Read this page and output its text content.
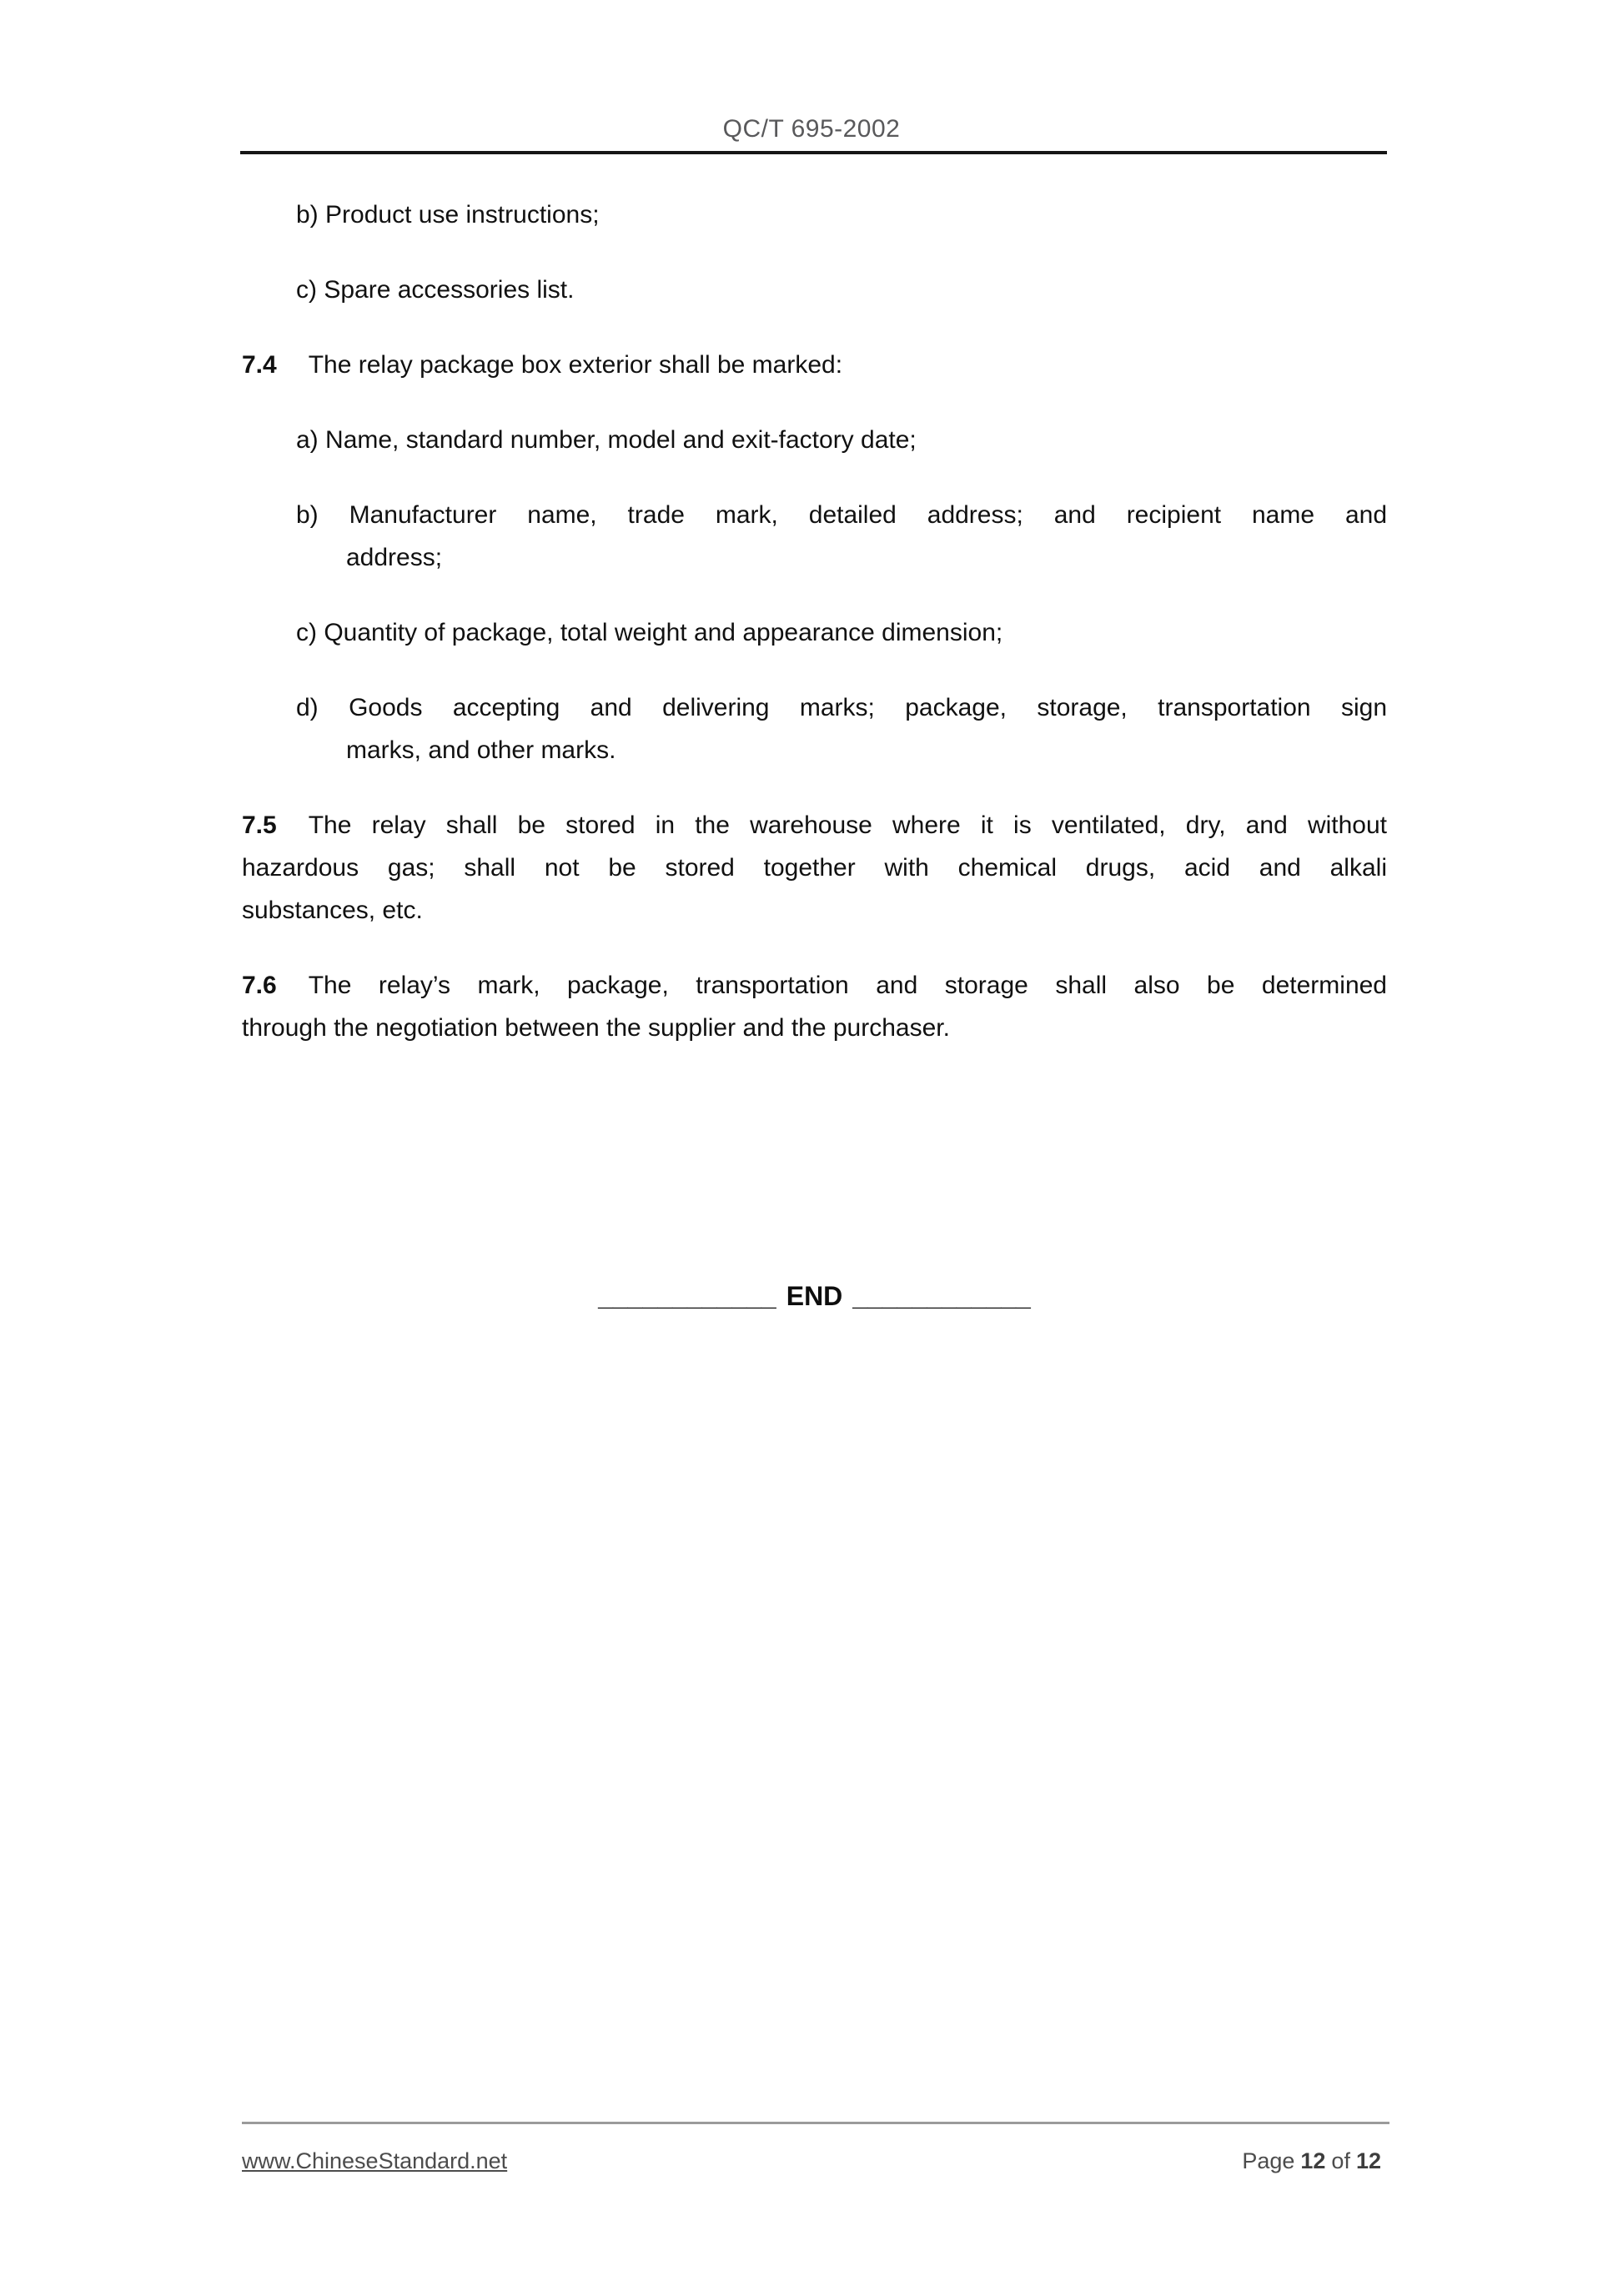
QC/T 695-2002
b) Product use instructions;
c) Spare accessories list.
7.4 The relay package box exterior shall be marked:
a) Name, standard number, model and exit-factory date;
b) Manufacturer name, trade mark, detailed address; and recipient name and
address;
c) Quantity of package, total weight and appearance dimension;
d) Goods accepting and delivering marks; package, storage, transportation sign
marks, and other marks.
7.5 The relay shall be stored in the warehouse where it is ventilated, dry, and without
hazardous gas; shall not be stored together with chemical drugs, acid and alkali
substances, etc.
7.6 The relay’s mark, package, transportation and storage shall also be determined
through the negotiation between the supplier and the purchaser.
____________ END ____________
www.ChineseStandard.net	Page 12 of 12
